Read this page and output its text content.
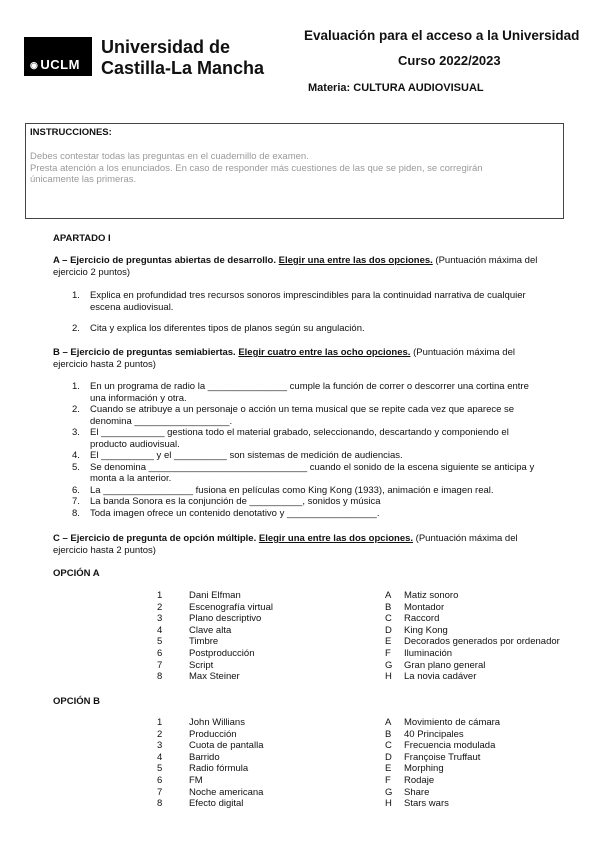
◉ UCLM
Universidad de
Castilla-La Mancha
Evaluación para el acceso a la Universidad
Curso 2022/2023
Materia: CULTURA AUDIOVISUAL
INSTRUCCIONES:
Debes contestar todas las preguntas en el cuadernillo de examen.
Presta atención a los enunciados. En caso de responder más cuestiones de las que se piden, se corregirán
únicamente las primeras.
APARTADO I
A – Ejercicio de preguntas abiertas de desarrollo. Elegir una entre las dos opciones. (Puntuación máxima del
ejercicio 2 puntos)
1. Explica en profundidad tres recursos sonoros imprescindibles para la continuidad narrativa de cualquier escena audiovisual.
2. Cita y explica los diferentes tipos de planos según su angulación.
B – Ejercicio de preguntas semiabiertas. Elegir cuatro entre las ocho opciones. (Puntuación máxima del
ejercicio hasta 2 puntos)
1. En un programa de radio la _______________ cumple la función de correr o descorrer una cortina entre una información y otra.
2. Cuando se atribuye a un personaje o acción un tema musical que se repite cada vez que aparece se denomina __________________.
3. El ____________ gestiona todo el material grabado, seleccionando, descartando y componiendo el producto audiovisual.
4. El __________ y el __________ son sistemas de medición de audiencias.
5. Se denomina ______________________________ cuando el sonido de la escena siguiente se anticipa y monta a la anterior.
6. La _________________ fusiona en películas como King Kong (1933), animación e imagen real.
7. La banda Sonora es la conjunción de __________, sonidos y música
8. Toda imagen ofrece un contenido denotativo y _________________.
C – Ejercicio de pregunta de opción múltiple. Elegir una entre las dos opciones. (Puntuación máxima del
ejercicio hasta 2 puntos)
OPCIÓN A
1	Dani Elfman	A	Matiz sonoro
2	Escenografía virtual	B	Montador
3	Plano descriptivo	C	Raccord
4	Clave alta	D	King Kong
5	Timbre	E	Decorados generados por ordenador
6	Postproducción	F	Iluminación
7	Script	G	Gran plano general
8	Max Steiner	H	La novia cadáver
OPCIÓN B
1	John Willians	A	Movimiento de cámara
2	Producción	B	40 Principales
3	Cuota de pantalla	C	Frecuencia modulada
4	Barrido	D	Françoise Truffaut
5	Radio fórmula	E	Morphing
6	FM	F	Rodaje
7	Noche americana	G	Share
8	Efecto digital	H	Stars wars
